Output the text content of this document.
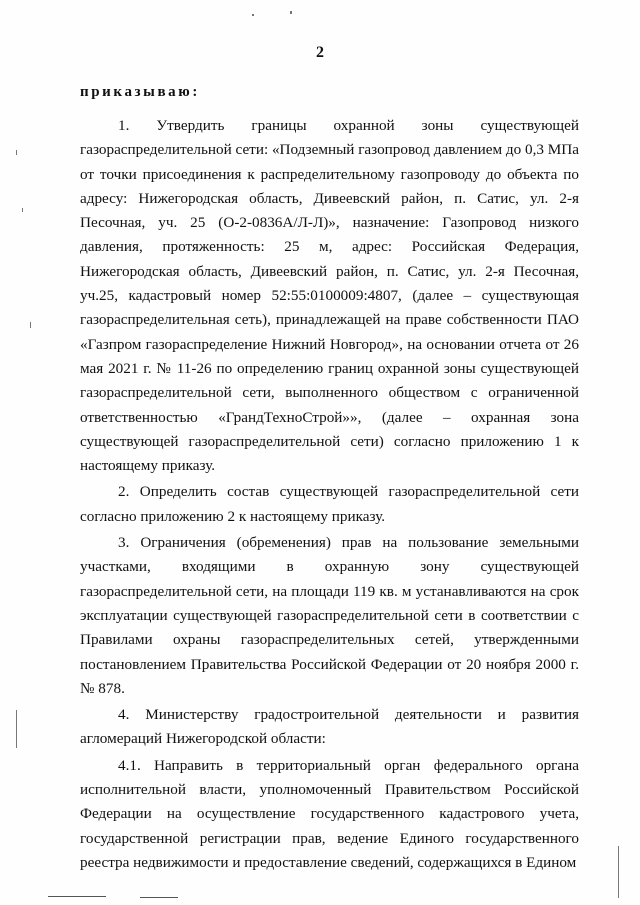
2
приказываю:

1. Утвердить границы охранной зоны существующей газораспределительной сети: «Подземный газопровод давлением до 0,3 МПа от точки присоединения к распределительному газопроводу до объекта по адресу: Нижегородская область, Дивеевский район, п. Сатис, ул. 2-я Песочная, уч. 25 (О-2-0836А/Л-Л)», назначение: Газопровод низкого давления, протяженность: 25 м, адрес: Российская Федерация, Нижегородская область, Дивеевский район, п. Сатис, ул. 2-я Песочная, уч.25, кадастровый номер 52:55:0100009:4807, (далее – существующая газораспределительная сеть), принадлежащей на праве собственности ПАО «Газпром газораспределение Нижний Новгород», на основании отчета от 26 мая 2021 г. № 11-26 по определению границ охранной зоны существующей газораспределительной сети, выполненного обществом с ограниченной ответственностью «ГрандТехноСтрой»», (далее – охранная зона существующей газораспределительной сети) согласно приложению 1 к настоящему приказу.

2. Определить состав существующей газораспределительной сети согласно приложению 2 к настоящему приказу.

3. Ограничения (обременения) прав на пользование земельными участками, входящими в охранную зону существующей газораспределительной сети, на площади 119 кв. м устанавливаются на срок эксплуатации существующей газораспределительной сети в соответствии с Правилами охраны газораспределительных сетей, утвержденными постановлением Правительства Российской Федерации от 20 ноября 2000 г. № 878.

4. Министерству градостроительной деятельности и развития агломераций Нижегородской области:

4.1. Направить в территориальный орган федерального органа исполнительной власти, уполномоченный Правительством Российской Федерации на осуществление государственного кадастрового учета, государственной регистрации прав, ведение Единого государственного реестра недвижимости и предоставление сведений, содержащихся в Едином
